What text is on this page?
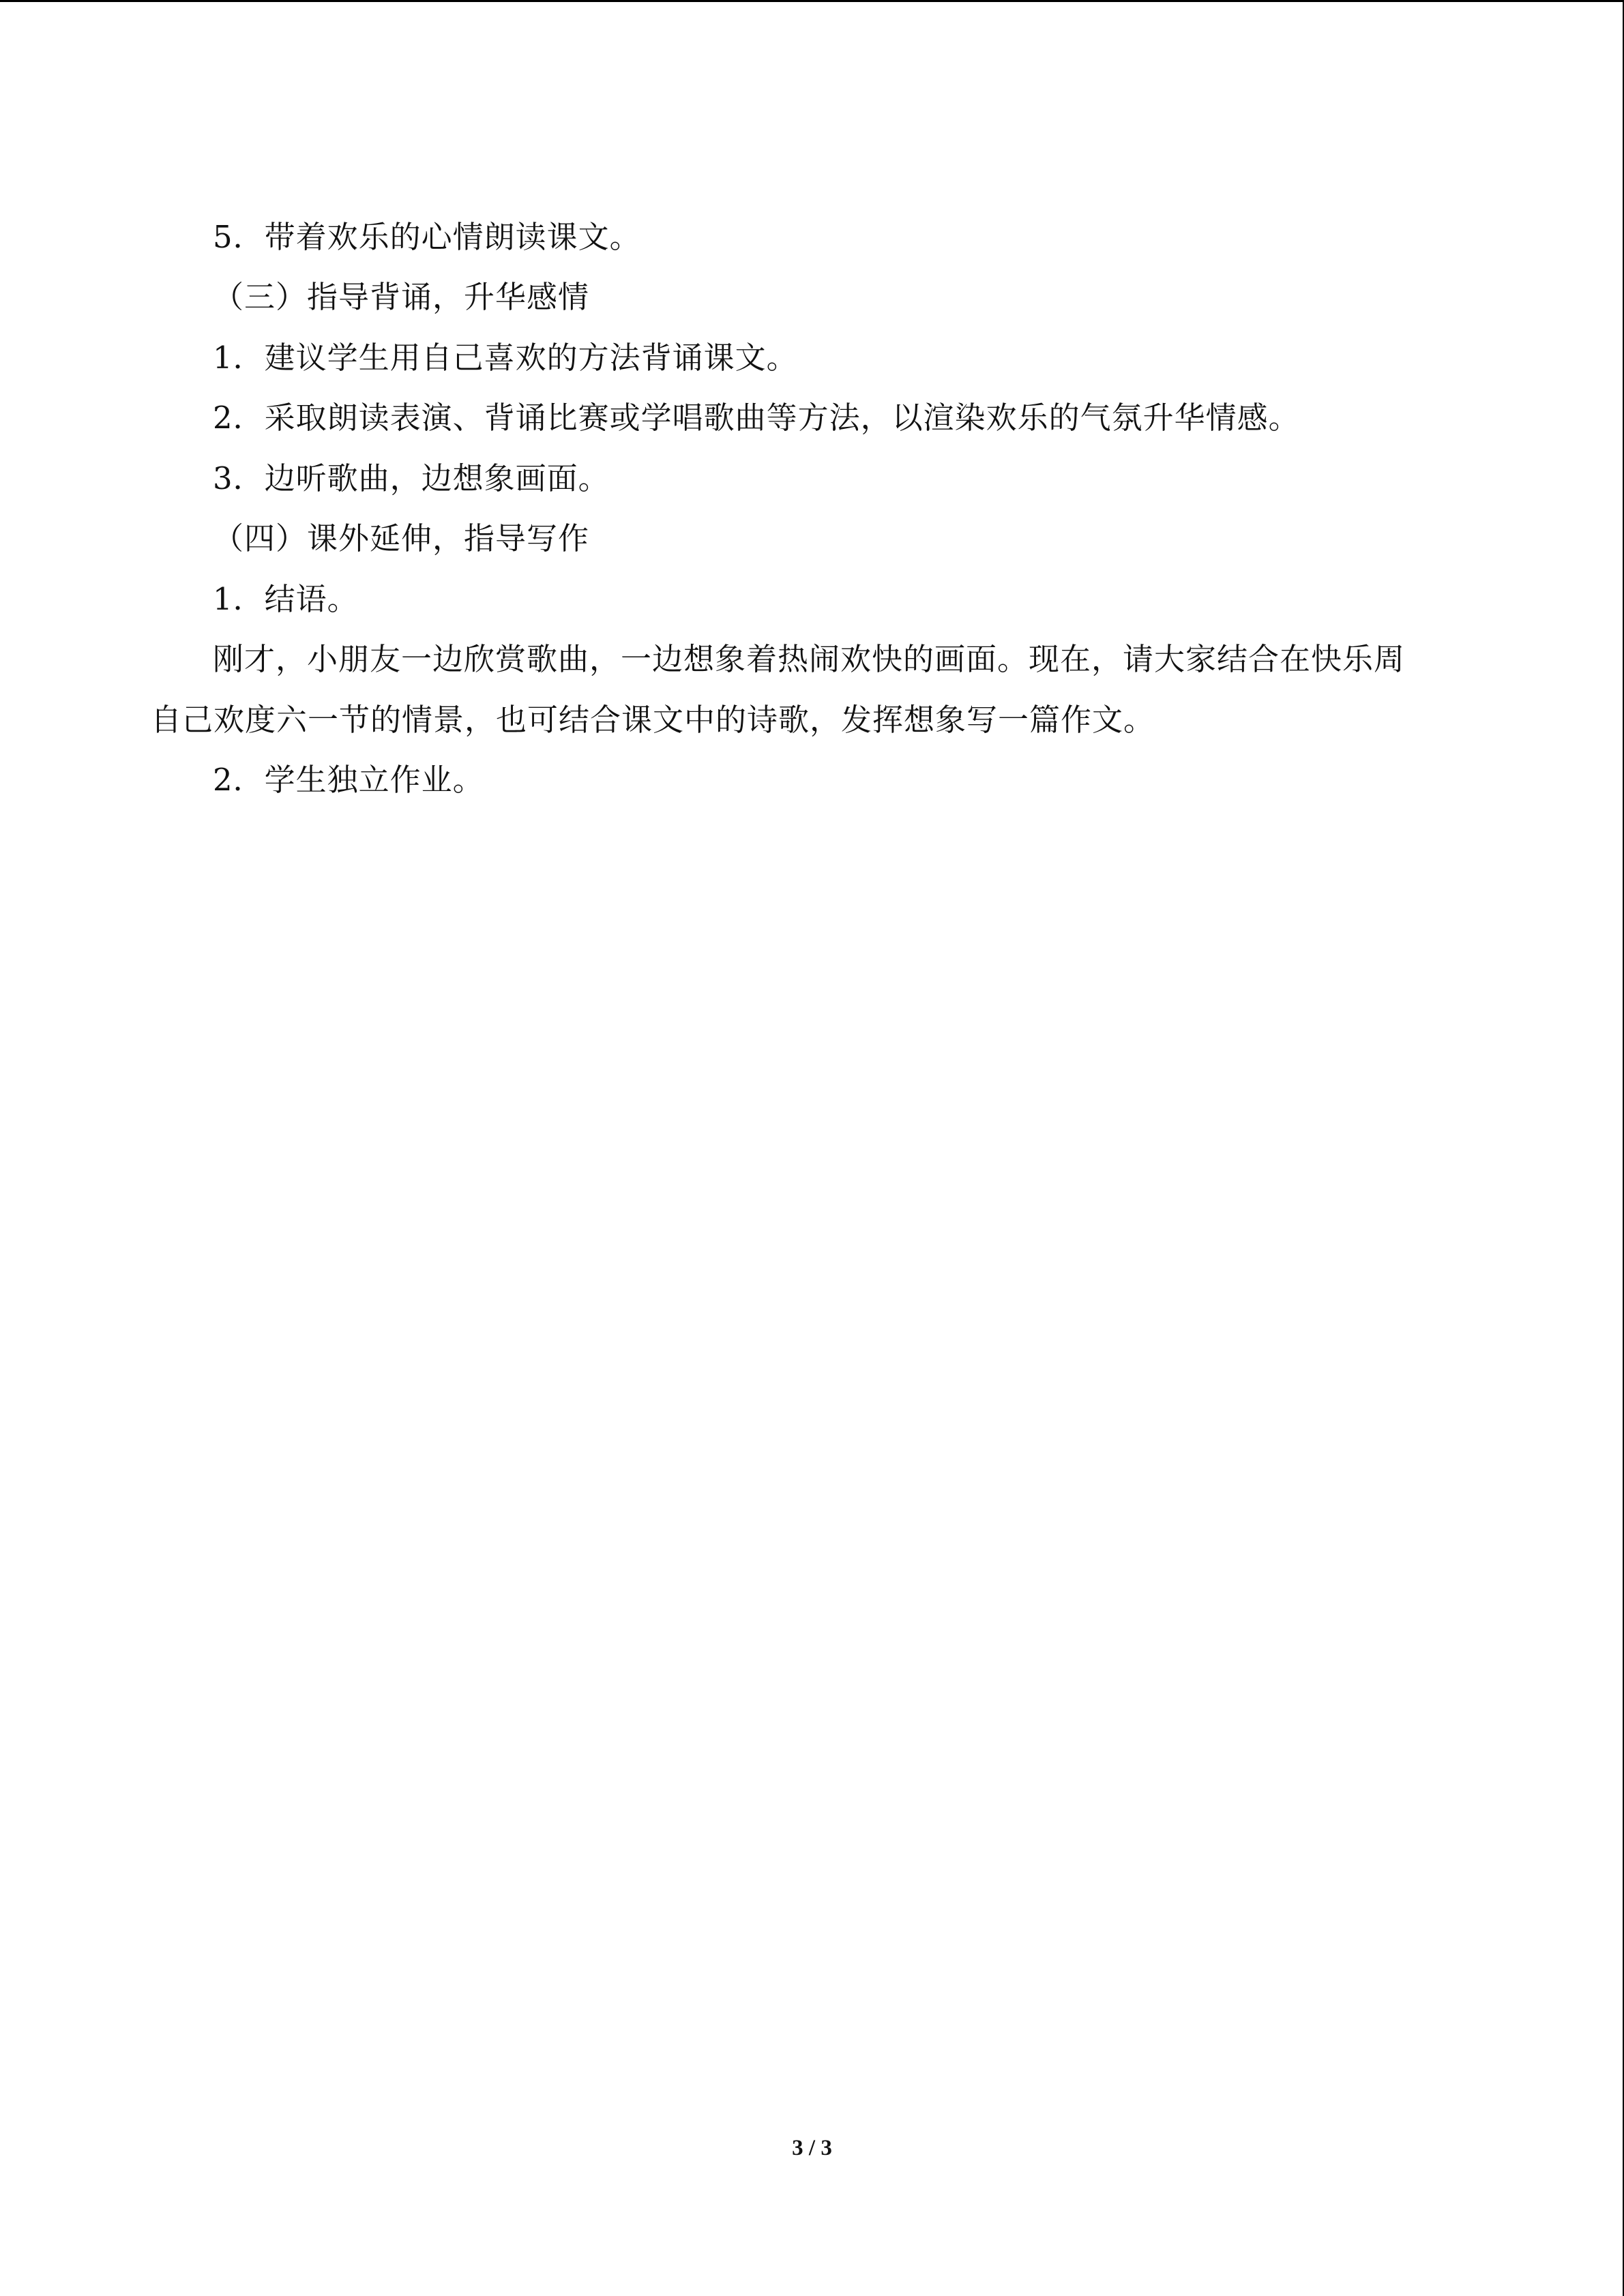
5．带着欢乐的心情朗读课文。
（三）指导背诵，升华感情
1．建议学生用自己喜欢的方法背诵课文。
2．采取朗读表演、背诵比赛或学唱歌曲等方法，以渲染欢乐的气氛升华情感。
3．边听歌曲，边想象画面。
（四）课外延伸，指导写作
1．结语。
刚才，小朋友一边欣赏歌曲，一边想象着热闹欢快的画面。现在，请大家结合在快乐周
自己欢度六一节的情景，也可结合课文中的诗歌，发挥想象写一篇作文。
2．学生独立作业。
3 / 3
